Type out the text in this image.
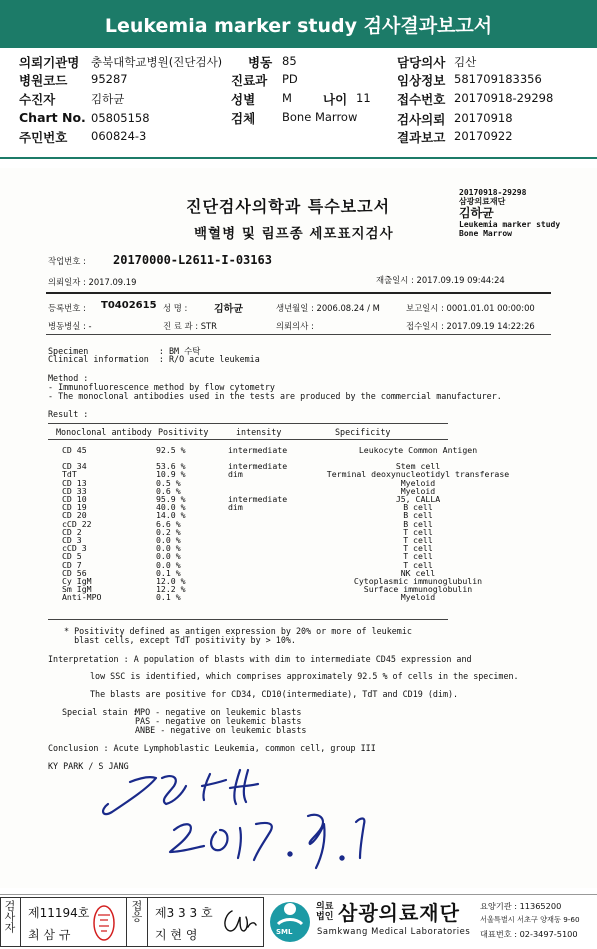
Leukemia marker study 검사결과보고서
의뢰기관명 충북대학교병원(진단검사) 병동 85	담당의사 김산
병원코드 95287	진료과 PD	임상정보 581709183356
수진자	김하균	성별 M 나이 11 접수번호 20170918-29298
Chart No. 05805158	검체 Bone Marrow	검사의뢰 20170918
주민번호 060824-3	결과보고 20170922
20170918-29298
삼광의료재단
김하균
Leukemia marker study
Bone Marrow
진단검사의학과 특수보고서
백혈병 및 림프종 세포표지검사
작업번호 : 20170000-L2611-I-03163
의뢰일자 : 2017.09.19	재출일시 : 2017.09.19 09:44:24
등록번호 : T0402615 성 명 :	김하균	생년월일 : 2006.08.24 / M	보고일시 : 0001.01.01 00:00:00
병동병실 : -	진 료 과 : STR	의뢰의사 :	접수일시 : 2017.09.19 14:22:26
Specimen              : BM 수탁
Clinical information  : R/O acute leukemia
Method :
- Immunofluorescence method by flow cytometry
- The monoclonal antibodies used in the tests are produced by the commercial manufacturer.
Result :
Monoclonal antibody Positivity	intensity	Specificity
CD 45	92.5 %	intermediate	Leukocyte Common Antigen

CD 34	53.6 %	intermediate	Stem cell
TdT	10.9 %	dim	Terminal deoxynucleotidyl transferase
CD 13	0.5 %		Myeloid
CD 33	0.6 %		Myeloid
CD 10	95.9 %	intermediate	J5, CALLA
CD 19	40.0 %	dim	B cell
CD 20	14.0 %		B cell
cCD 22	6.6 %		B cell
CD 2	0.2 %		T cell
CD 3	0.0 %		T cell
cCD 3	0.0 %		T cell
CD 5	0.0 %		T cell
CD 7	0.0 %		T cell
CD 56	0.1 %		NK cell
Cy IgM	12.0 %		Cytoplasmic immunoglubulin
Sm IgM	12.2 %		Surface immunoglobulin
Anti-MPO	0.1 %		Myeloid
* Positivity defined as antigen expression by 20% or more of leukemic
blast cells, except TdT positivity by > 10%.
Interpretation : A population of blasts with dim to intermediate CD45 expression and
low SSC is identified, which comprises approximately 92.5 % of cells in the specimen.
The blasts are positive for CD34, CD10(intermediate), TdT and CD19 (dim).
Special stain :
MPO - negative on leukemic blasts
PAS - negative on leukemic blasts
ANBE - negative on leukemic blasts
Conclusion : Acute Lymphoblastic Leukemia, common cell, group III
KY PARK / S JANG
검사자 제11194호
최 삼 규
접응 제3 3 3 호
지 현 영	SML
의료
법인 삼광의료재단
Samkwang Medical Laboratories
요양기관 : 11365200
서울특별시 서초구 양재동 9-60
대표번호 : 02-3497-5100
